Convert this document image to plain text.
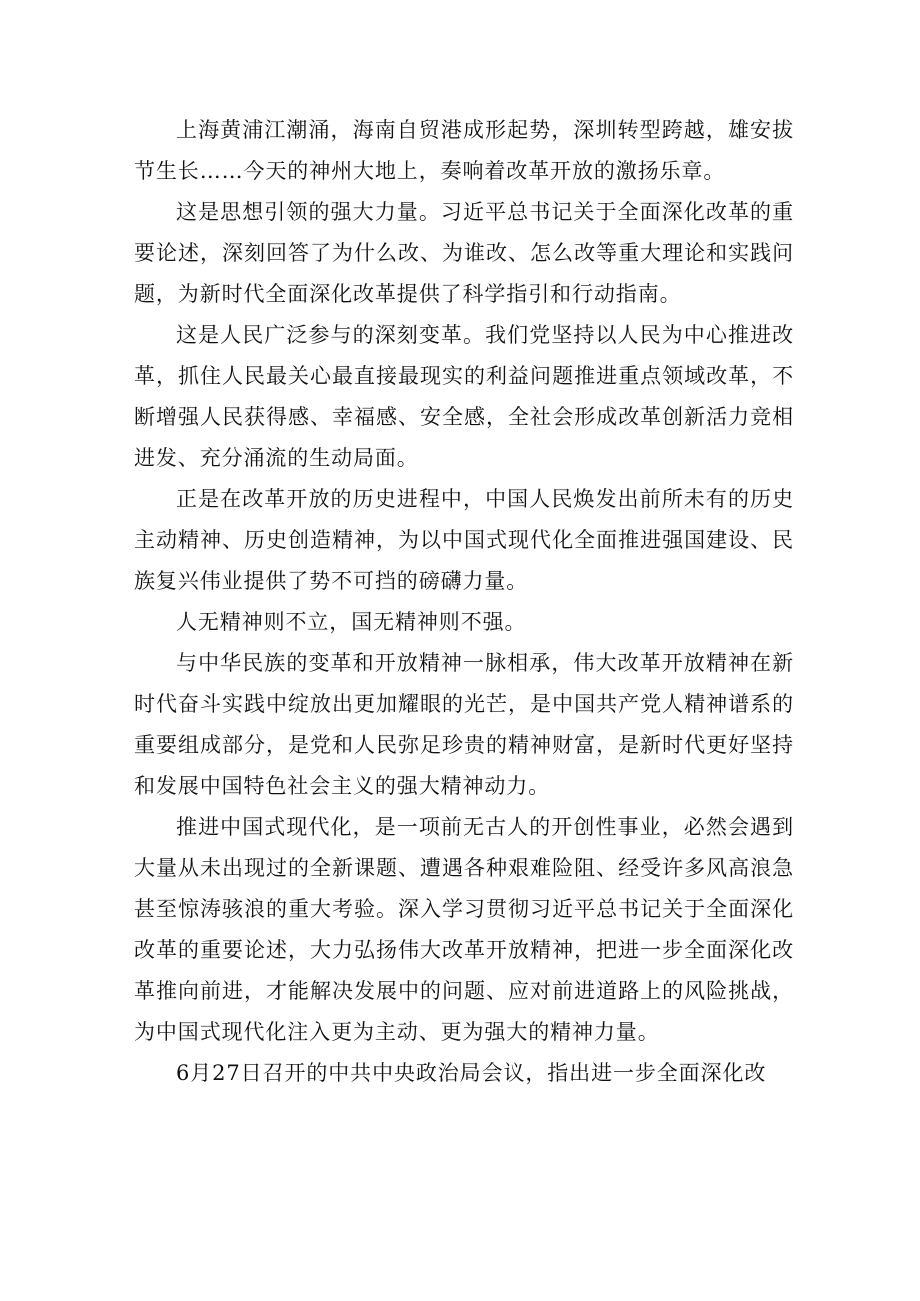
上海黄浦江潮涌，海南自贸港成形起势，深圳转型跨越，雄安拔节生长……今天的神州大地上，奏响着改革开放的激扬乐章。

这是思想引领的强大力量。习近平总书记关于全面深化改革的重要论述，深刻回答了为什么改、为谁改、怎么改等重大理论和实践问题，为新时代全面深化改革提供了科学指引和行动指南。

这是人民广泛参与的深刻变革。我们党坚持以人民为中心推进改革，抓住人民最关心最直接最现实的利益问题推进重点领域改革，不断增强人民获得感、幸福感、安全感，全社会形成改革创新活力竞相进发、充分涌流的生动局面。

正是在改革开放的历史进程中，中国人民焕发出前所未有的历史主动精神、历史创造精神，为以中国式现代化全面推进强国建设、民族复兴伟业提供了势不可挡的磅礴力量。

人无精神则不立，国无精神则不强。

与中华民族的变革和开放精神一脉相承，伟大改革开放精神在新时代奋斗实践中绽放出更加耀眼的光芒，是中国共产党人精神谱系的重要组成部分，是党和人民弥足珍贵的精神财富，是新时代更好坚持和发展中国特色社会主义的强大精神动力。

推进中国式现代化，是一项前无古人的开创性事业，必然会遇到大量从未出现过的全新课题、遭遇各种艰难险阻、经受许多风高浪急甚至惊涛骇浪的重大考验。深入学习贯彻习近平总书记关于全面深化改革的重要论述，大力弘扬伟大改革开放精神，把进一步全面深化改革推向前进，才能解决发展中的问题、应对前进道路上的风险挑战，为中国式现代化注入更为主动、更为强大的精神力量。

6月27日召开的中共中央政治局会议，指出进一步全面深化改
